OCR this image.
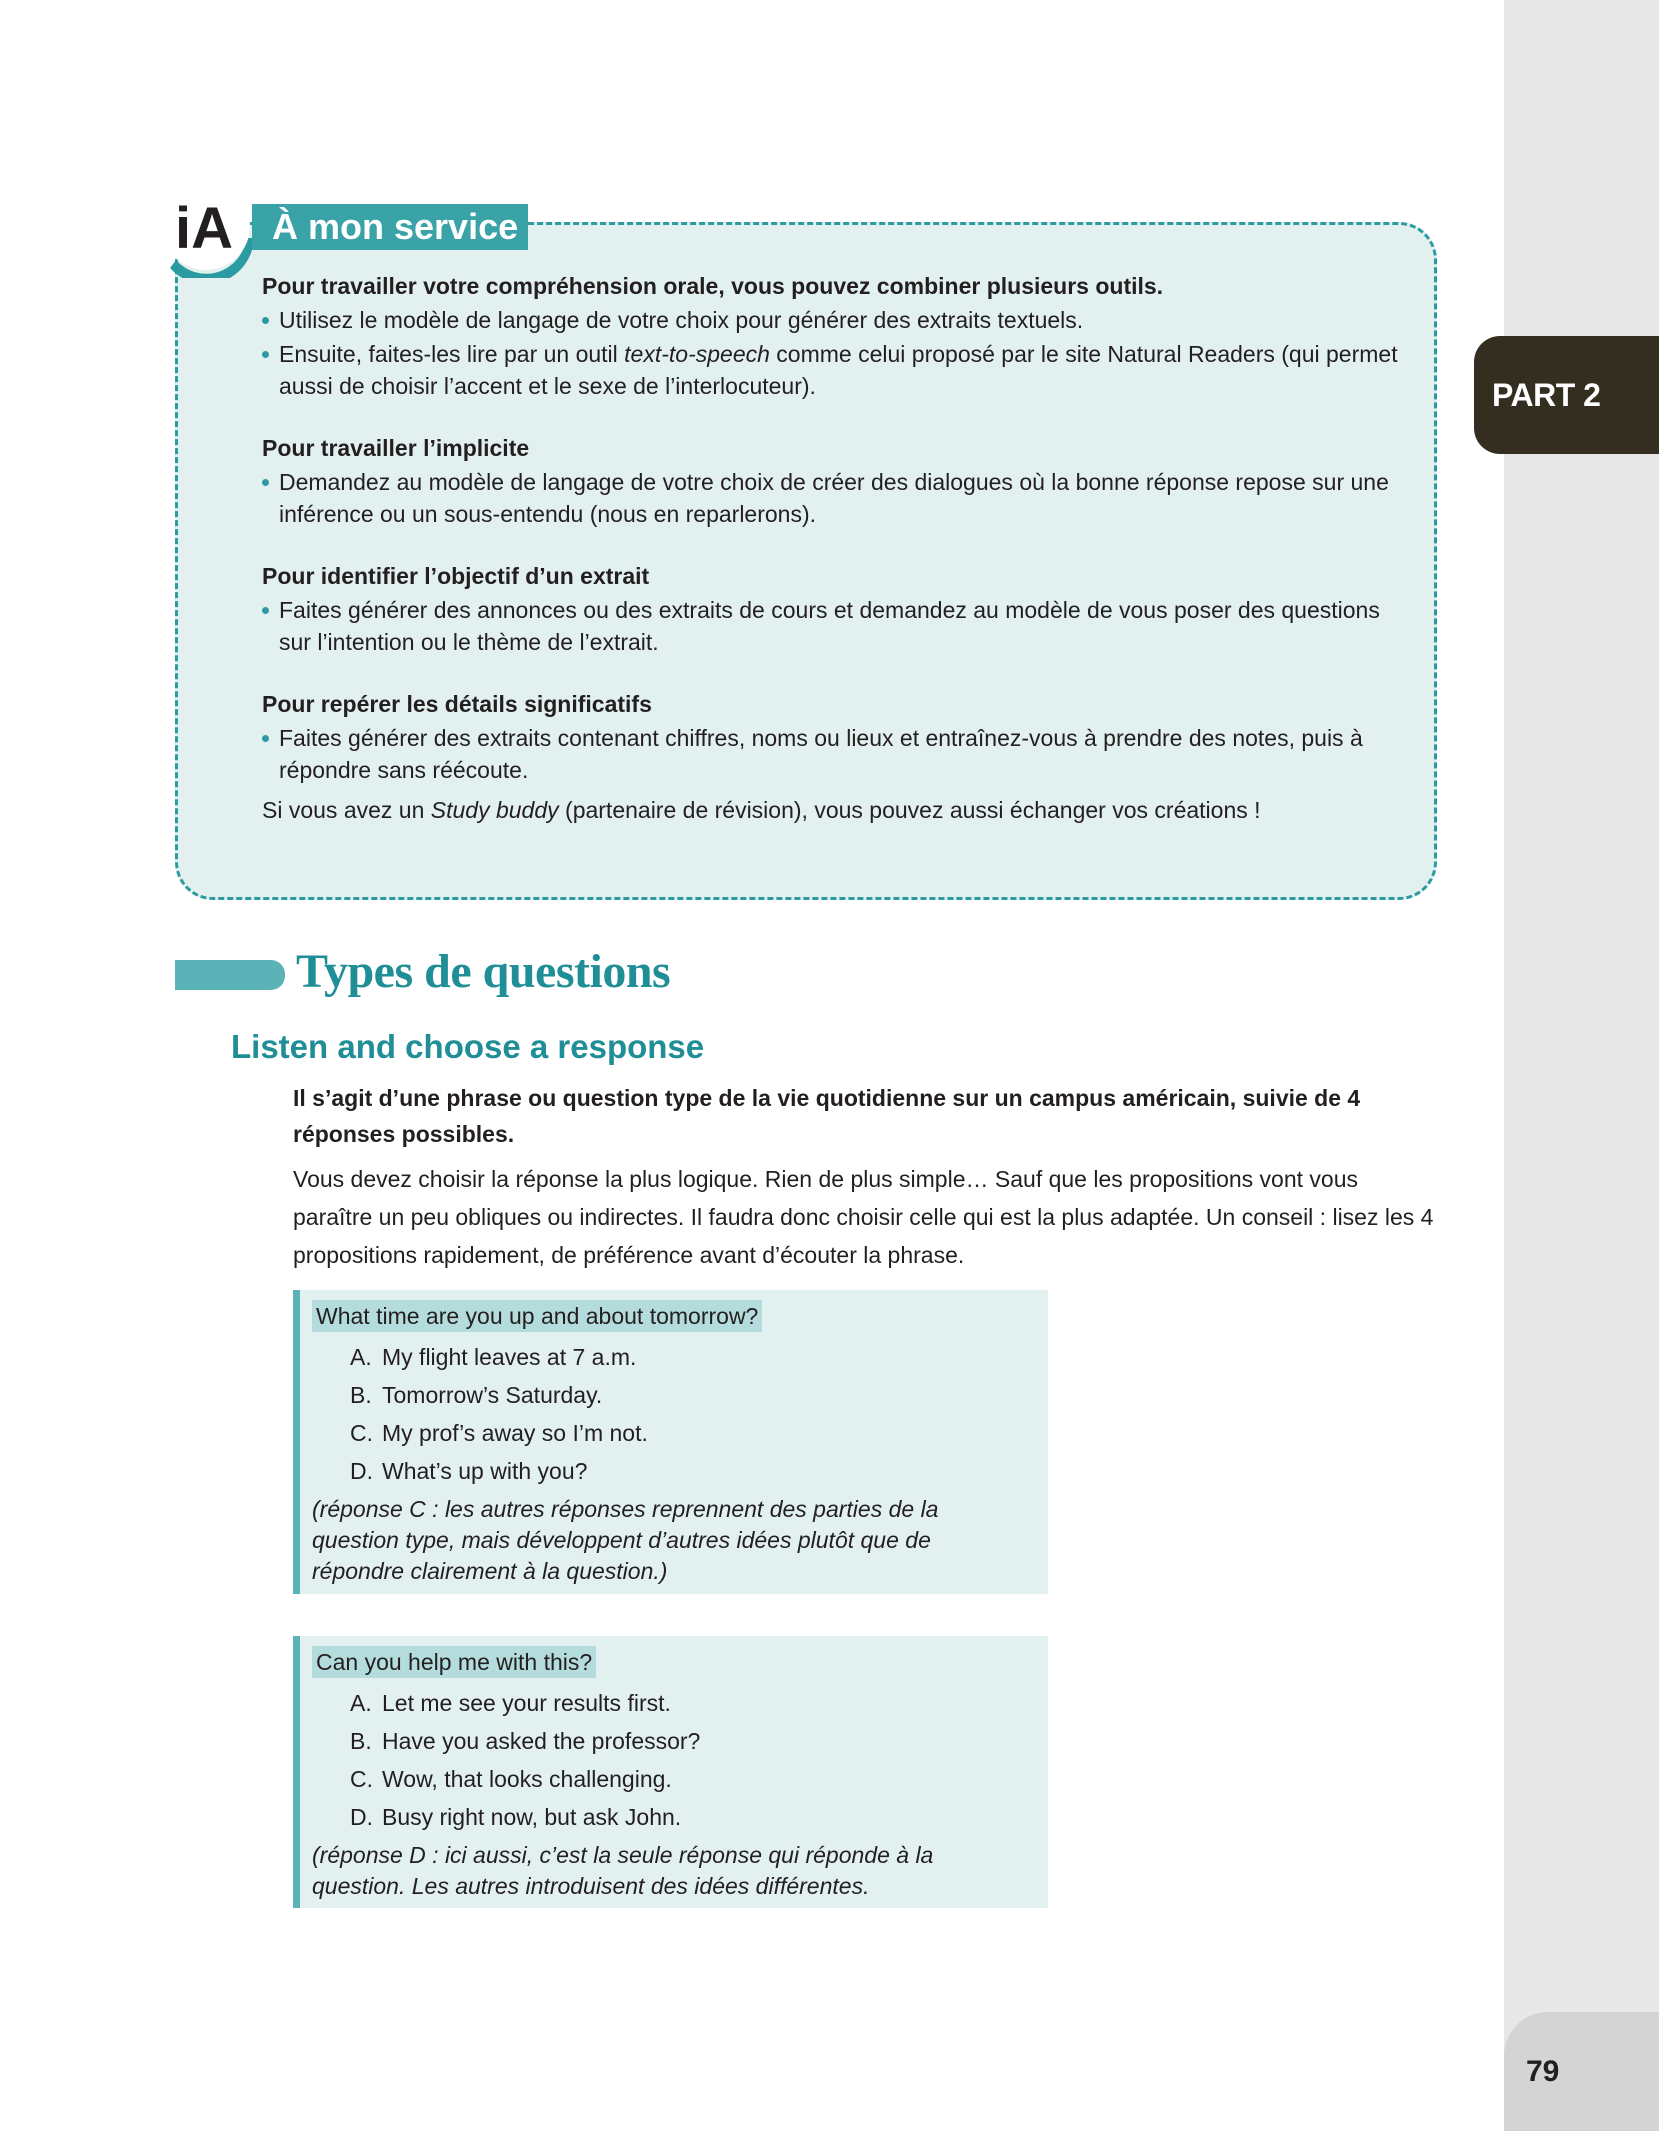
PART 2
79
iA	À mon service

Pour travailler votre compréhension orale, vous pouvez combiner plusieurs outils.

Utilisez le modèle de langage de votre choix pour générer des extraits textuels.

Ensuite, faites-les lire par un outil text-to-speech comme celui proposé par le site Natural Readers (qui permet aussi de choisir l’accent et le sexe de l’interlocuteur).

Pour travailler l’implicite

Demandez au modèle de langage de votre choix de créer des dialogues où la bonne réponse repose sur une inférence ou un sous-entendu (nous en reparlerons).

Pour identifier l’objectif d’un extrait

Faites générer des annonces ou des extraits de cours et demandez au modèle de vous poser des questions sur l’intention ou le thème de l’extrait.

Pour repérer les détails significatifs

Faites générer des extraits contenant chiffres, noms ou lieux et entraînez-vous à prendre des notes, puis à répondre sans réécoute.

Si vous avez un Study buddy (partenaire de révision), vous pouvez aussi échanger vos créations !

Types de questions
Listen and choose a response

Il s’agit d’une phrase ou question type de la vie quotidienne sur un campus américain, suivie de 4 réponses possibles.

Vous devez choisir la réponse la plus logique. Rien de plus simple… Sauf que les propositions vont vous paraître un peu obliques ou indirectes. Il faudra donc choisir celle qui est la plus adaptée. Un conseil : lisez les 4 propositions rapidement, de préférence avant d’écouter la phrase.

What time are you up and about tomorrow?
A. My flight leaves at 7 a.m.
B. Tomorrow’s Saturday.
C. My prof’s away so I’m not.
D. What’s up with you?

(réponse C : les autres réponses reprennent des parties de la question type, mais développent d’autres idées plutôt que de répondre clairement à la question.)

Can you help me with this?
A. Let me see your results first.
B. Have you asked the professor?
C. Wow, that looks challenging.
D. Busy right now, but ask John.

(réponse D : ici aussi, c’est la seule réponse qui réponde à la question. Les autres introduisent des idées différentes.
